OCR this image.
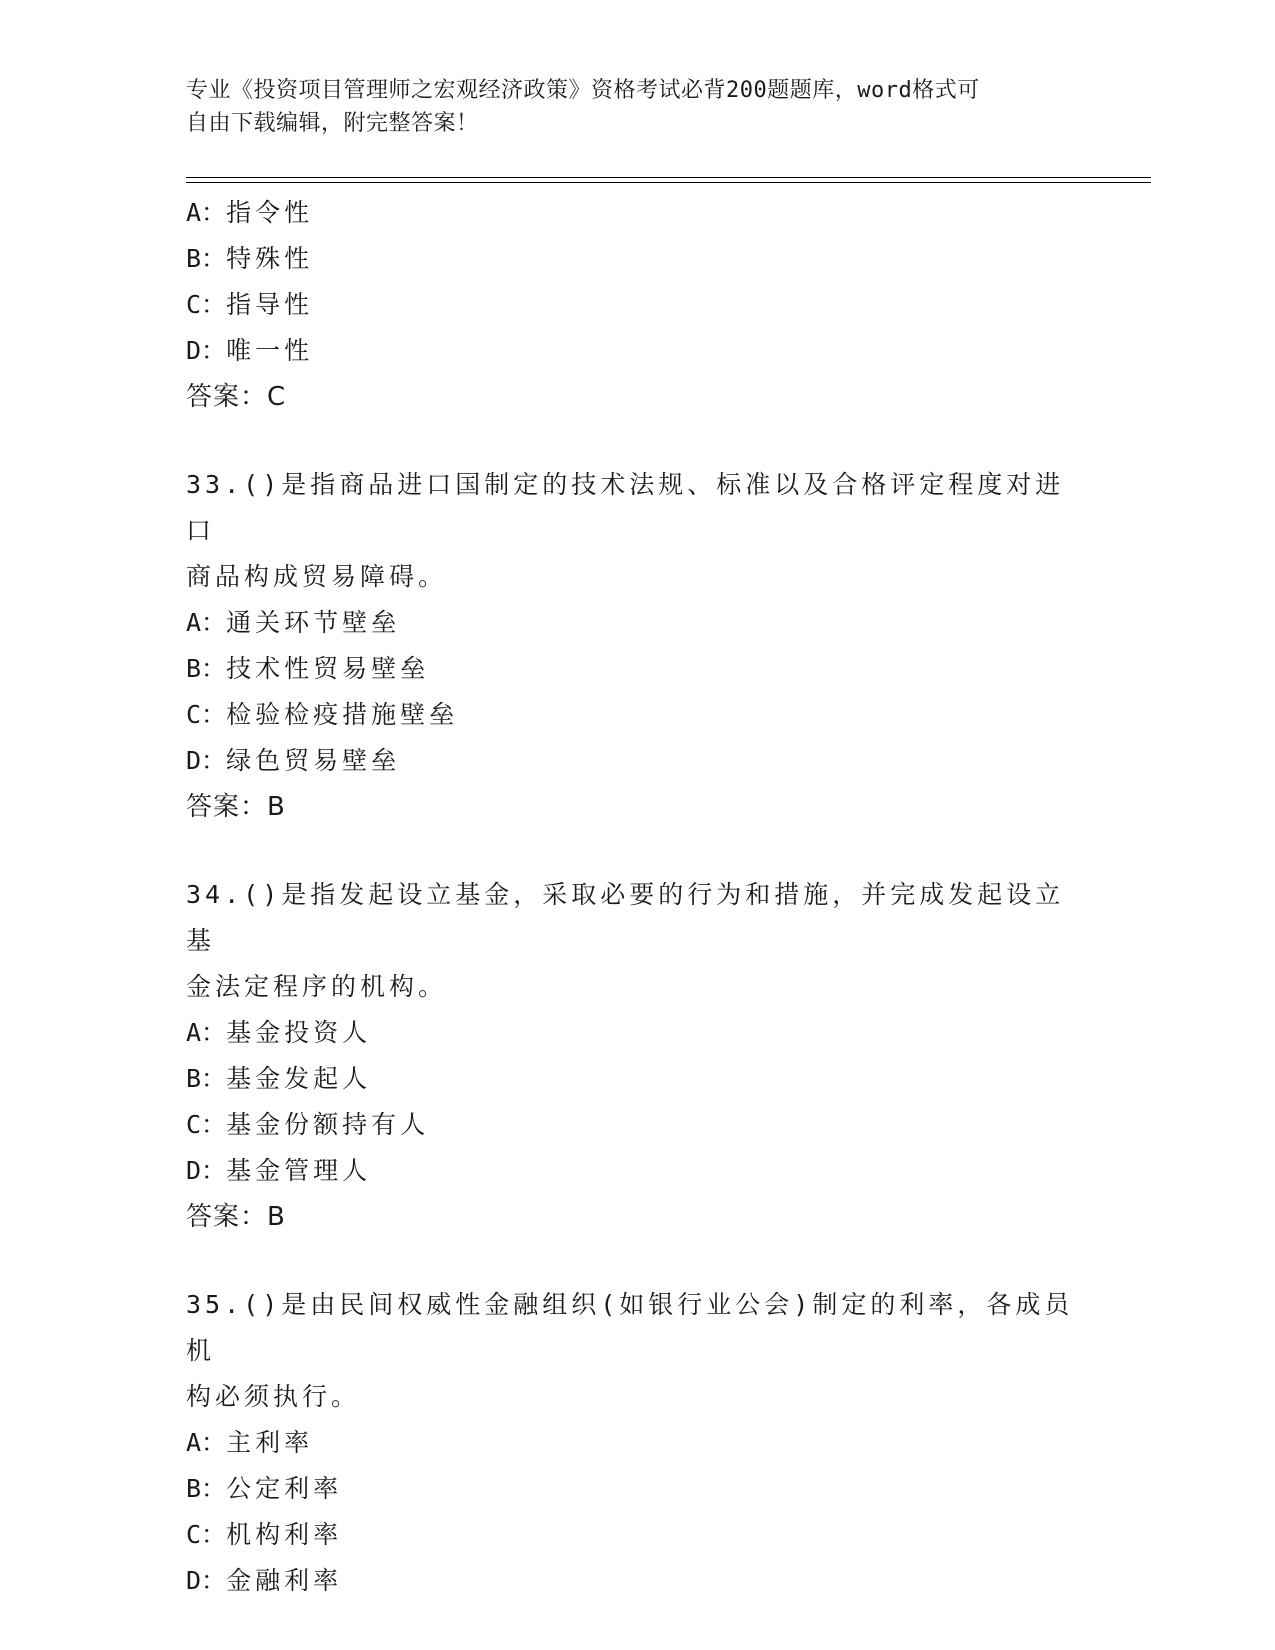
专业《投资项目管理师之宏观经济政策》资格考试必背200题题库，word格式可
自由下载编辑，附完整答案！
A：指令性
B：特殊性
C：指导性
D：唯一性
答案：C
33.()是指商品进口国制定的技术法规、标准以及合格评定程度对进口
商品构成贸易障碍。
A：通关环节壁垒
B：技术性贸易壁垒
C：检验检疫措施壁垒
D：绿色贸易壁垒
答案：B
34.()是指发起设立基金，采取必要的行为和措施，并完成发起设立基
金法定程序的机构。
A：基金投资人
B：基金发起人
C：基金份额持有人
D：基金管理人
答案：B
35.()是由民间权威性金融组织(如银行业公会)制定的利率，各成员机
构必须执行。
A：主利率
B：公定利率
C：机构利率
D：金融利率
